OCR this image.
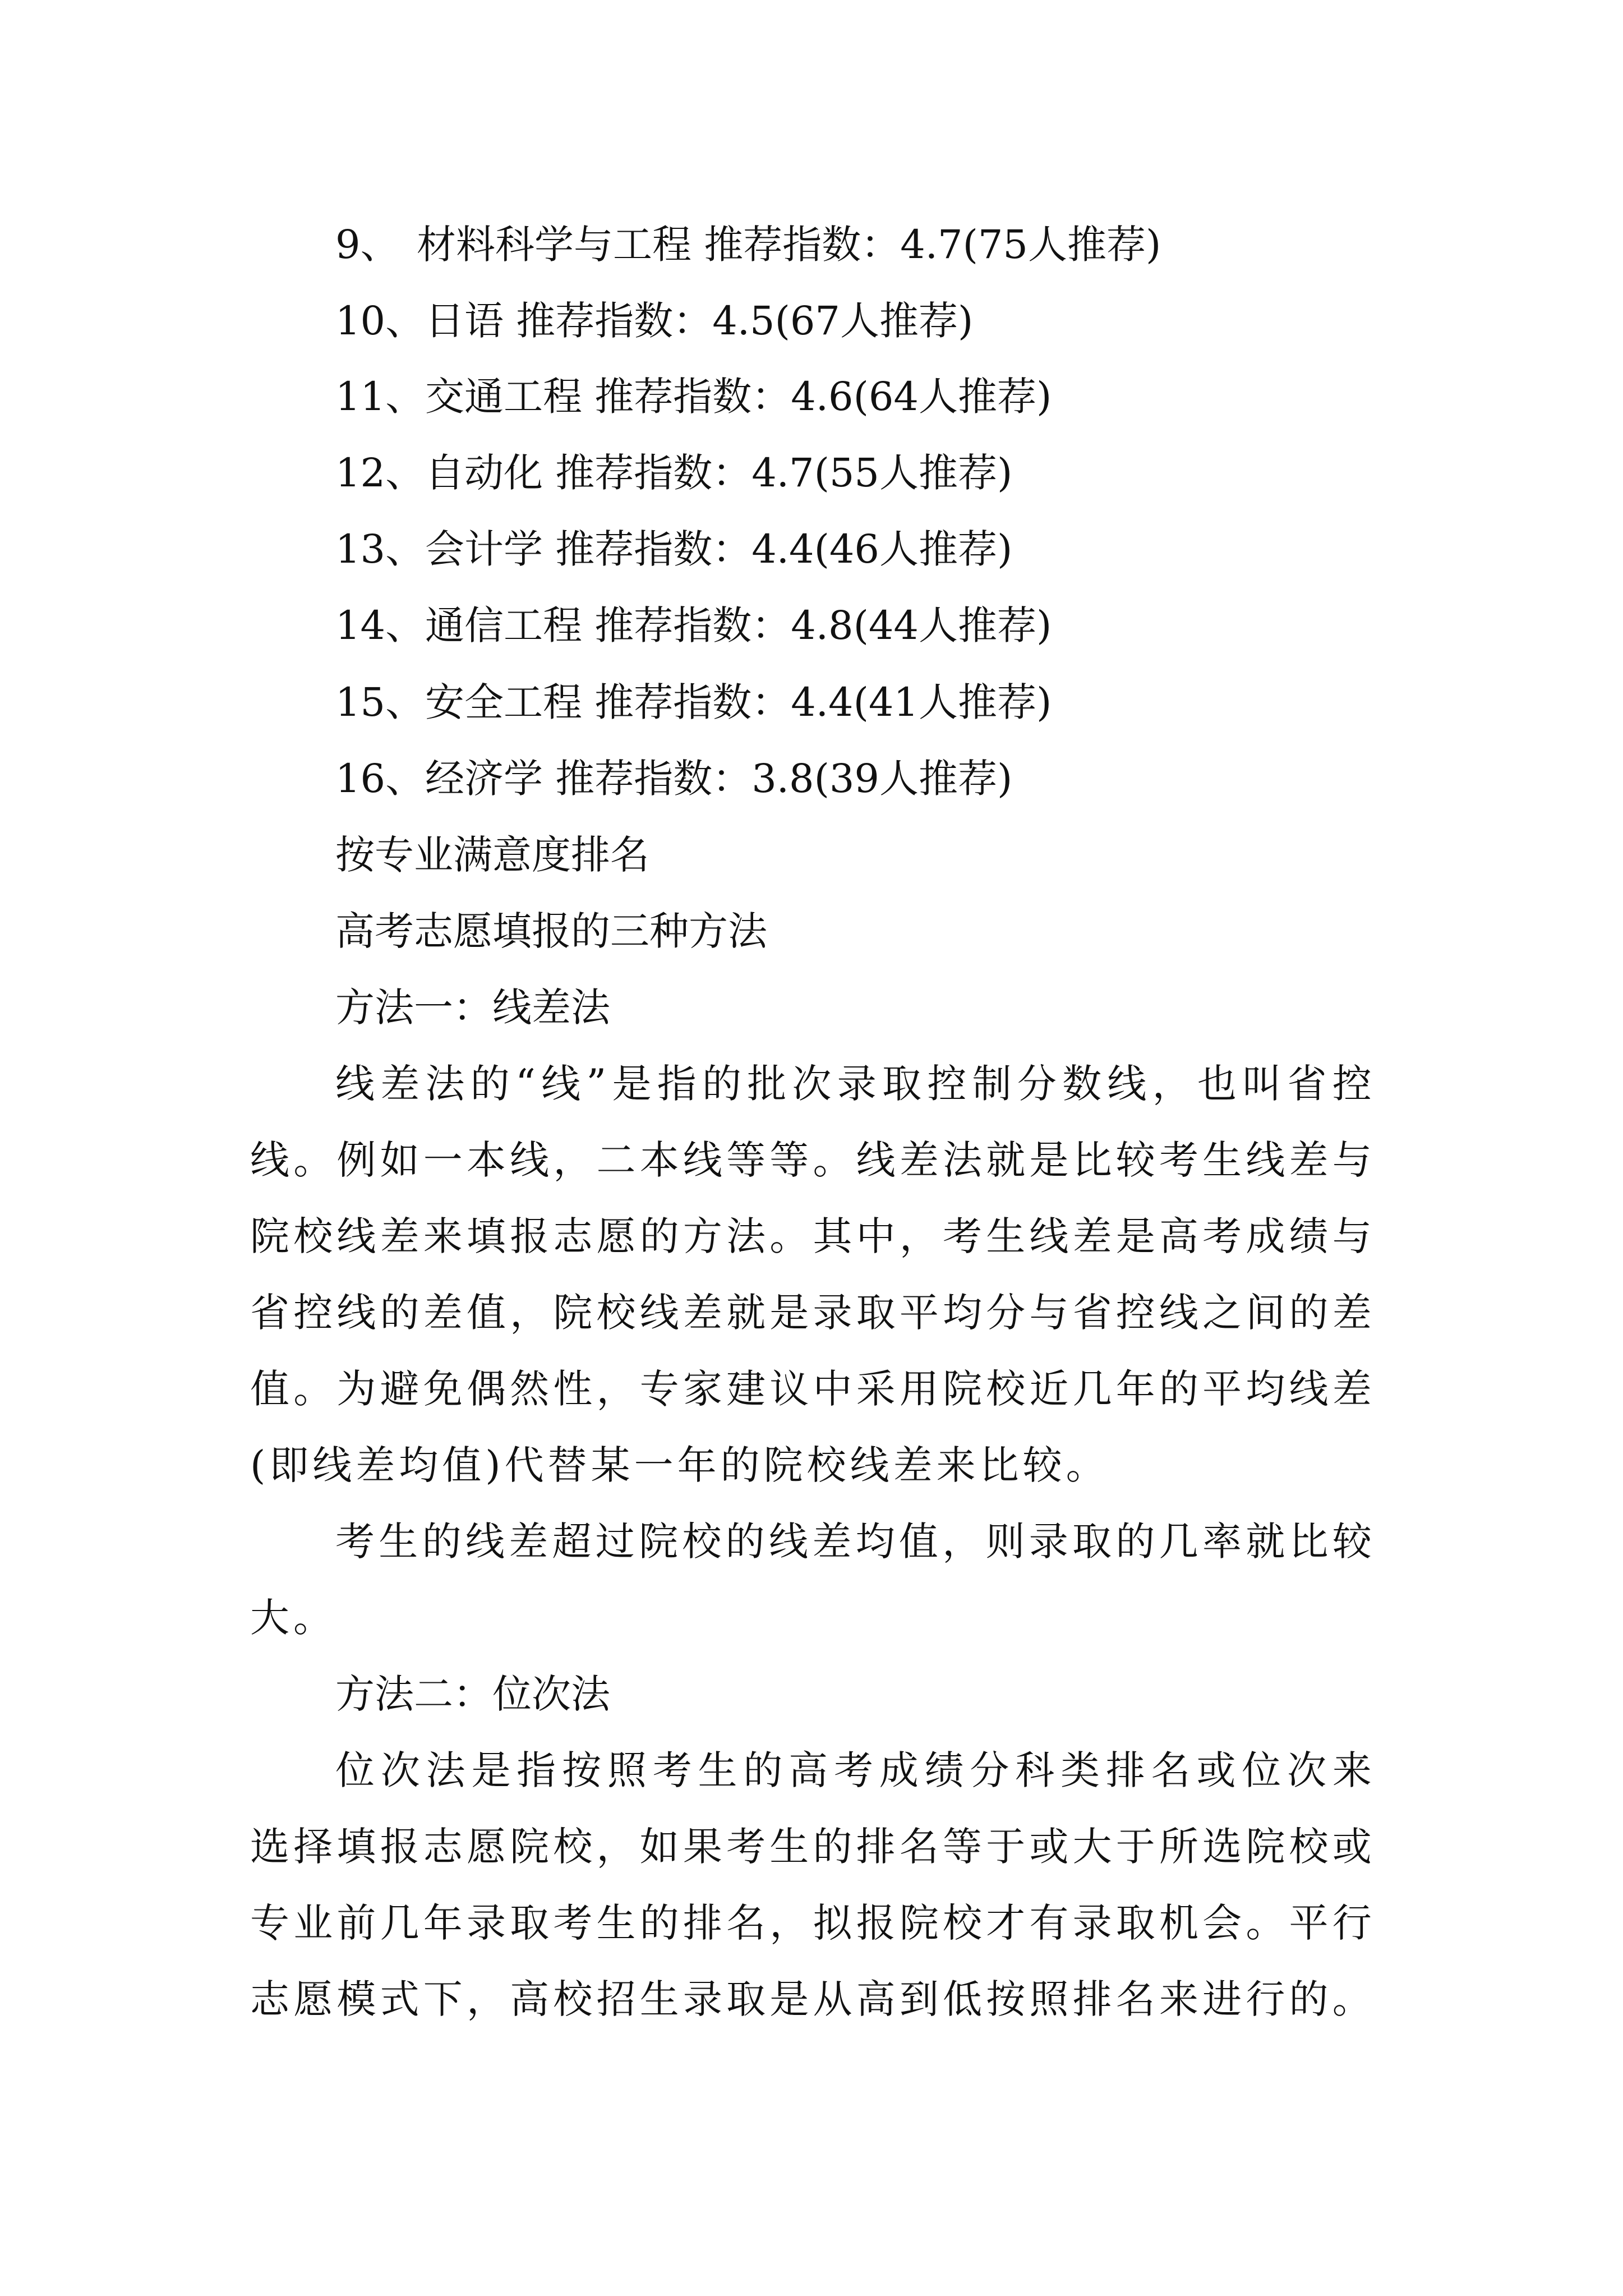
9、 材料科学与工程 推荐指数：4.7(75人推荐)
10、日语 推荐指数：4.5(67人推荐)
11、交通工程 推荐指数：4.6(64人推荐)
12、自动化 推荐指数：4.7(55人推荐)
13、会计学 推荐指数：4.4(46人推荐)
14、通信工程 推荐指数：4.8(44人推荐)
15、安全工程 推荐指数：4.4(41人推荐)
16、经济学 推荐指数：3.8(39人推荐)
按专业满意度排名
高考志愿填报的三种方法
方法一：线差法
线 差 法 的 “ 线 ” 是 指 的 批 次 录 取 控 制 分 数 线 ， 也 叫 省 控
线 。 例 如 一 本 线 ， 二 本 线 等 等 。 线 差 法 就 是 比 较 考 生 线 差 与
院 校 线 差 来 填 报 志 愿 的 方 法 。 其 中 ， 考 生 线 差 是 高 考 成 绩 与
省 控 线 的 差 值 ， 院 校 线 差 就 是 录 取 平 均 分 与 省 控 线 之 间 的 差
值 。 为 避 免 偶 然 性 ， 专 家 建 议 中 采 用 院 校 近 几 年 的 平 均 线 差
(即线差均值)代替某一年的院校线差来比较。
考 生 的 线 差 超 过 院 校 的 线 差 均 值 ， 则 录 取 的 几 率 就 比 较
大。
方法二：位次法
位 次 法 是 指 按 照 考 生 的 高 考 成 绩 分 科 类 排 名 或 位 次 来
选 择 填 报 志 愿 院 校 ， 如 果 考 生 的 排 名 等 于 或 大 于 所 选 院 校 或
专 业 前 几 年 录 取 考 生 的 排 名 ， 拟 报 院 校 才 有 录 取 机 会 。 平 行
志 愿 模 式 下 ， 高 校 招 生 录 取 是 从 高 到 低 按 照 排 名 来 进 行 的 。
